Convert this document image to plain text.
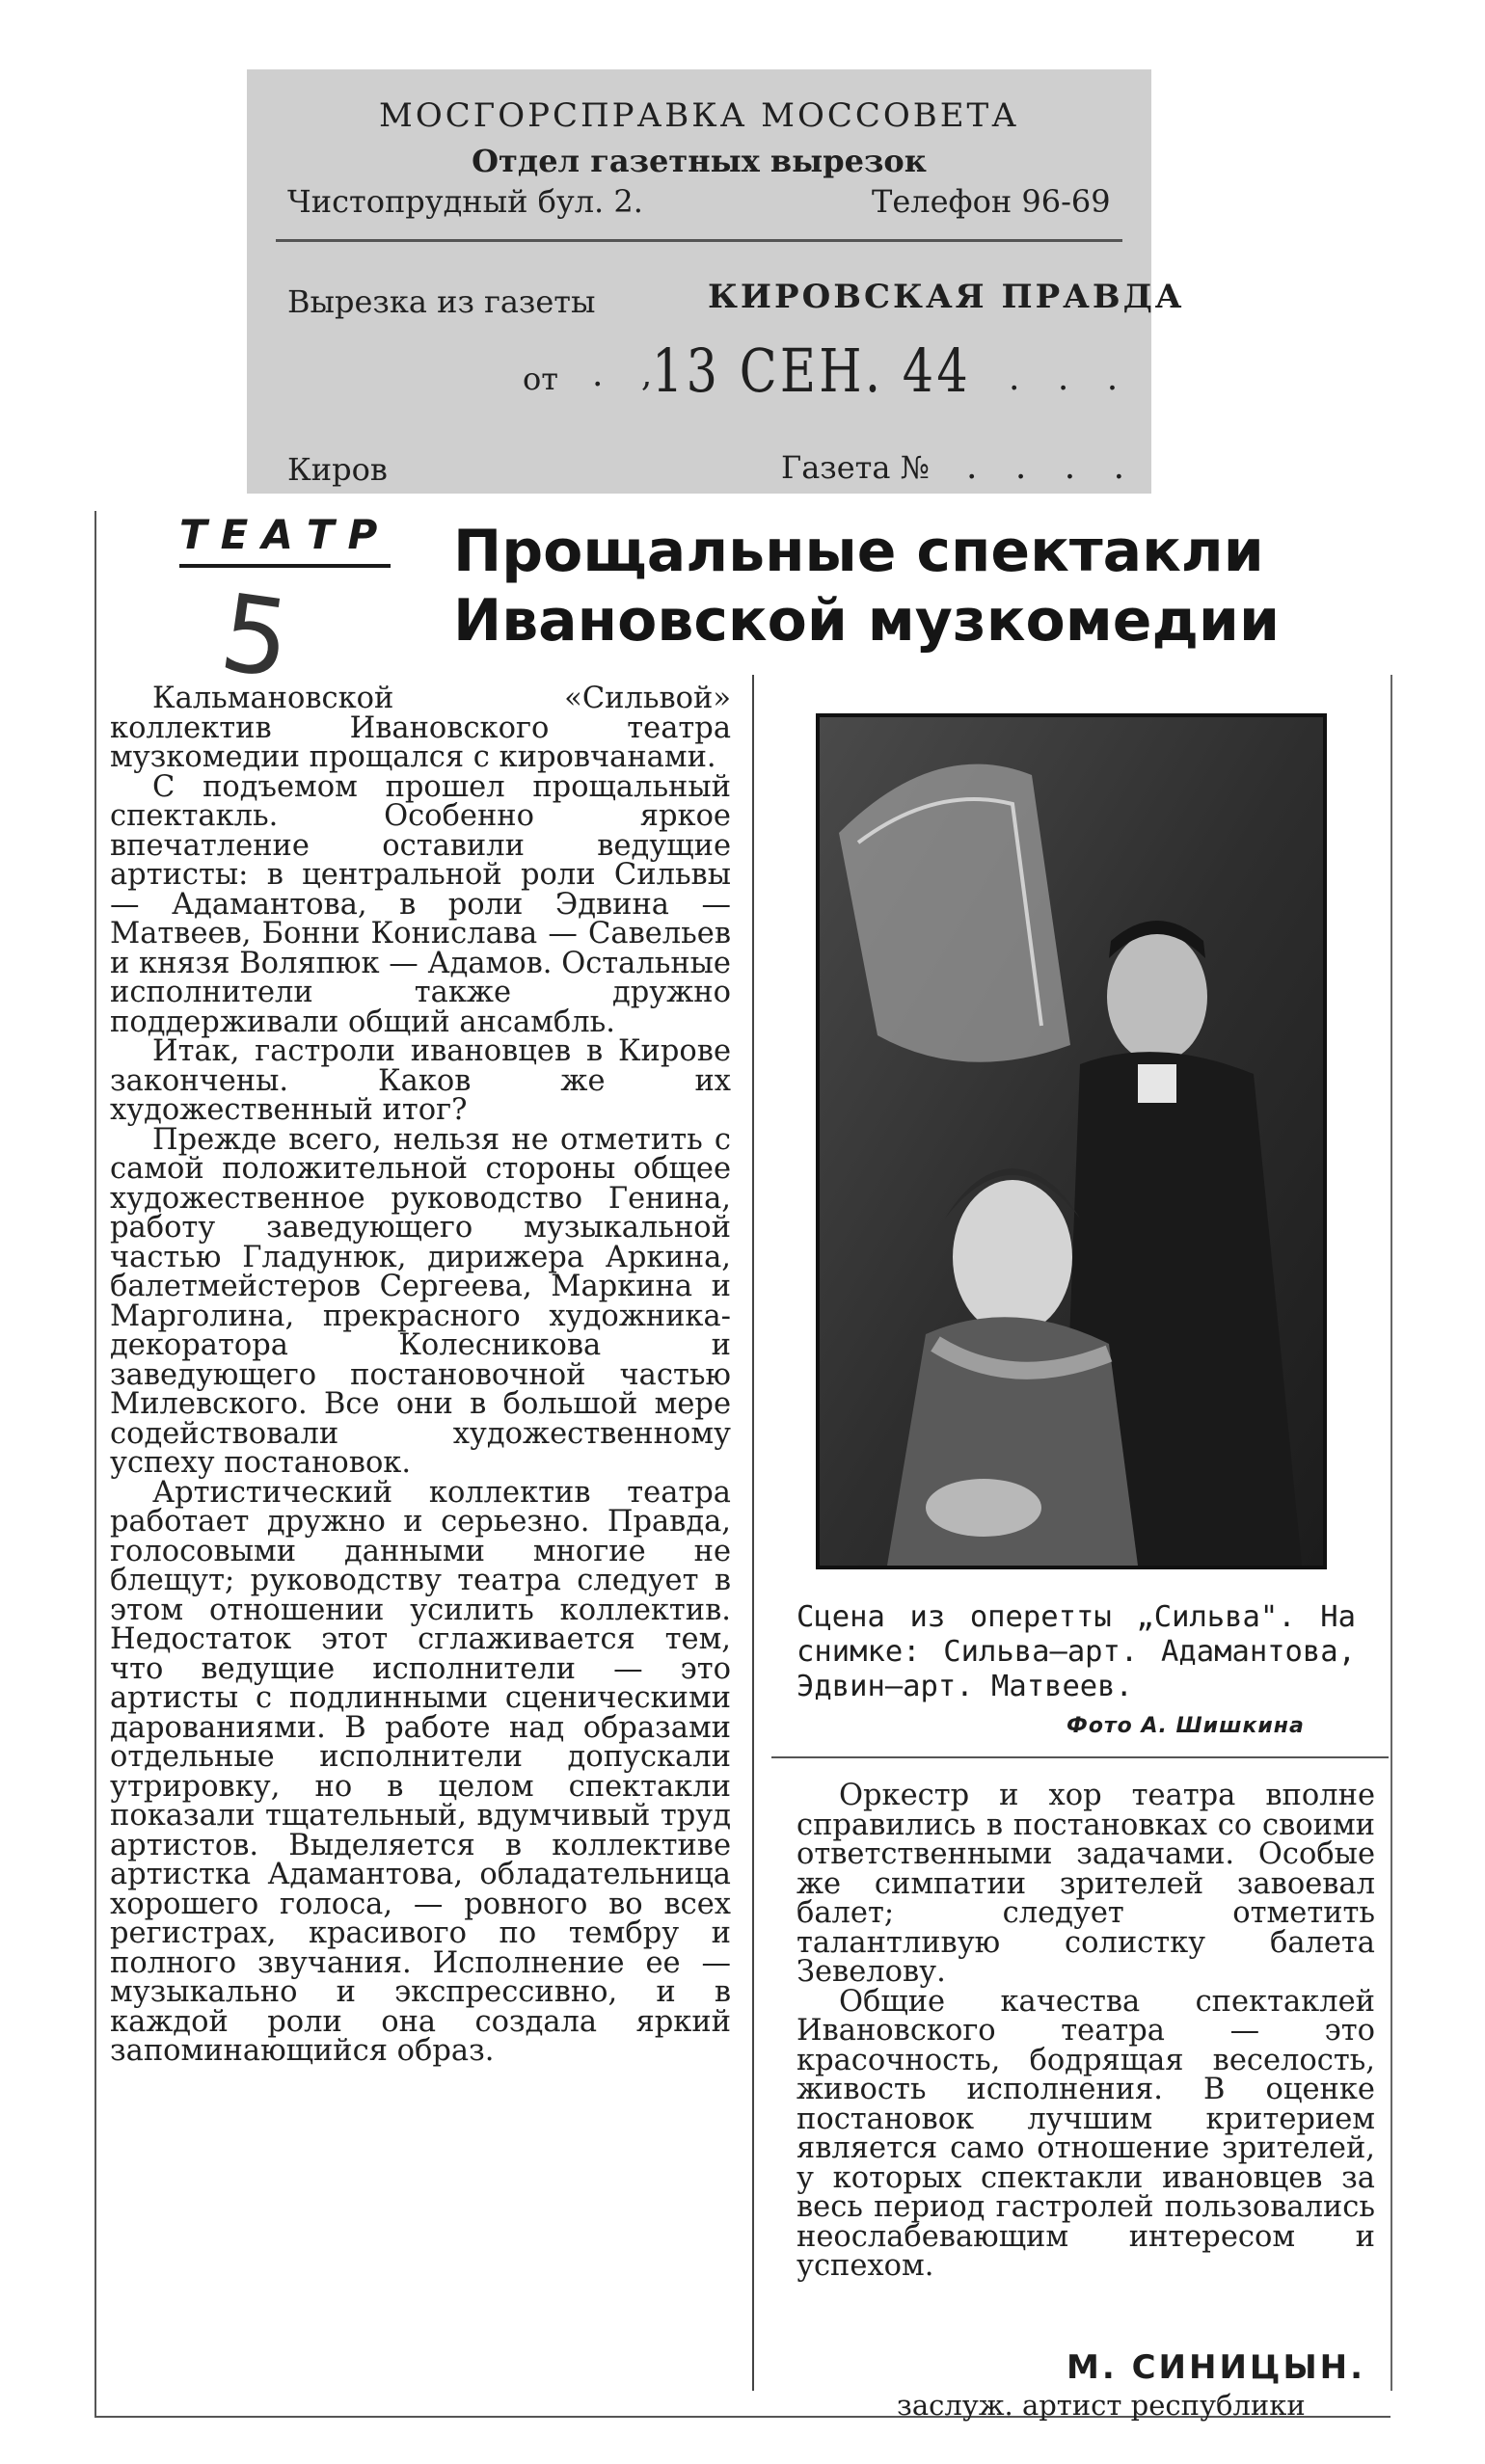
МОСГОРСПРАВКА МОССОВЕТА
Отдел газетных вырезок
Чистопрудный бул. 2.	Телефон 96-69
Вырезка из газеты	КИРОВСКАЯ ПРАВДА
от . ,
13 СЕН. 44 . . .
Киров	Газета № . . . .
ТЕАТР
5
Прощальные спектакли
Ивановской музкомедии

Кальмановской «Сильвой» коллектив Ивановского театра музкомедии прощался с кировчанами.

С подъемом прошел прощальный спектакль. Особенно яркое впечатление оставили ведущие артисты: в центральной роли Сильвы — Адамантова, в роли Эдвина — Матвеев, Бонни Конислава — Савельев и князя Воляпюк — Адамов. Остальные исполнители также дружно поддерживали общий ансамбль.

Итак, гастроли ивановцев в Кирове закончены. Каков же их художественный итог?

Прежде всего, нельзя не отметить с самой положительной стороны общее художественное руководство Генина, работу заведующего музыкальной частью Гладунюк, дирижера Аркина, балетмейстеров Сергеева, Маркина и Марголина, прекрасного художника-декоратора Колесникова и заведующего постановочной частью Милевского. Все они в большой мере содействовали художественному успеху постановок.

Артистический коллектив театра работает дружно и серьезно. Правда, голосовыми данными многие не блещут; руководству театра следует в этом отношении усилить коллектив. Недостаток этот сглаживается тем, что ведущие исполнители — это артисты с подлинными сценическими дарованиями. В работе над образами отдельные исполнители допускали утрировку, но в целом спектакли показали тщательный, вдумчивый труд артистов. Выделяется в коллективе артистка Адамантова, обладательница хорошего голоса, — ровного во всех регистрах, красивого по тембру и полного звучания. Исполнение ее — музыкально и экспрессивно, и в каждой роли она создала яркий запоминающийся образ.

Сцена из оперетты „Сильва". На снимке: Сильва—арт. Адамантова, Эдвин—арт. Матвеев.
Фото А. Шишкина

Оркестр и хор театра вполне справились в постановках со своими ответственными задачами. Особые же симпатии зрителей завоевал балет; следует отметить талантливую солистку балета Зевелову.

Общие качества спектаклей Ивановского театра — это красочность, бодрящая веселость, живость исполнения. В оценке постановок лучшим критерием является само отношение зрителей, у которых спектакли ивановцев за весь период гастролей пользовались неослабевающим интересом и успехом.

М. СИНИЦЫН.
заслуж. артист республики
